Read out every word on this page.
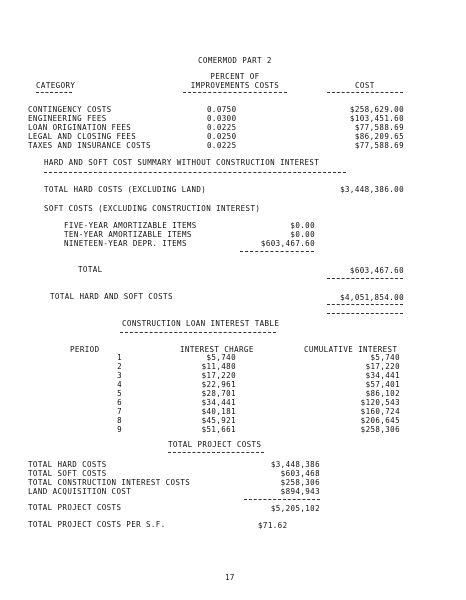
COMERMOD PART 2
PERCENT OF
CATEGORY	IMPROVEMENTS COSTS	COST
CONTINGENCY COSTS	0.0750	$258,629.00
ENGINEERING FEES	0.0300	$103,451.60
LOAN ORIGINATION FEES	0.0225	$77,588.69
LEGAL AND CLOSING FEES	0.0250	$86,209.65
TAXES AND INSURANCE COSTS	0.0225	$77,588.69
HARD AND SOFT COST SUMMARY WITHOUT CONSTRUCTION INTEREST
TOTAL HARD COSTS (EXCLUDING LAND)	$3,448,386.00
SOFT COSTS (EXCLUDING CONSTRUCTION INTEREST)
FIVE-YEAR AMORTIZABLE ITEMS	$0.00
TEN-YEAR AMORTIZABLE ITEMS	$0.00
NINETEEN-YEAR DEPR. ITEMS	$603,467.60
TOTAL	$603,467.60
TOTAL HARD AND SOFT COSTS	$4,051,854.00
CONSTRUCTION LOAN INTEREST TABLE
PERIOD	INTEREST CHARGE	CUMULATIVE INTEREST
1	$5,740	$5,740
2	$11,480	$17,220
3	$17,220	$34,441
4	$22,961	$57,401
5	$28,701	$86,102
6	$34,441	$120,543
7	$40,181	$160,724
8	$45,921	$206,645
9	$51,661	$258,306
TOTAL PROJECT COSTS
TOTAL HARD COSTS	$3,448,386
TOTAL SOFT COSTS	$603,468
TOTAL CONSTRUCTION INTEREST COSTS	$258,306
LAND ACQUISITION COST	$894,943
TOTAL PROJECT COSTS	$5,205,102
TOTAL PROJECT COSTS PER S.F.	$71.62
17
